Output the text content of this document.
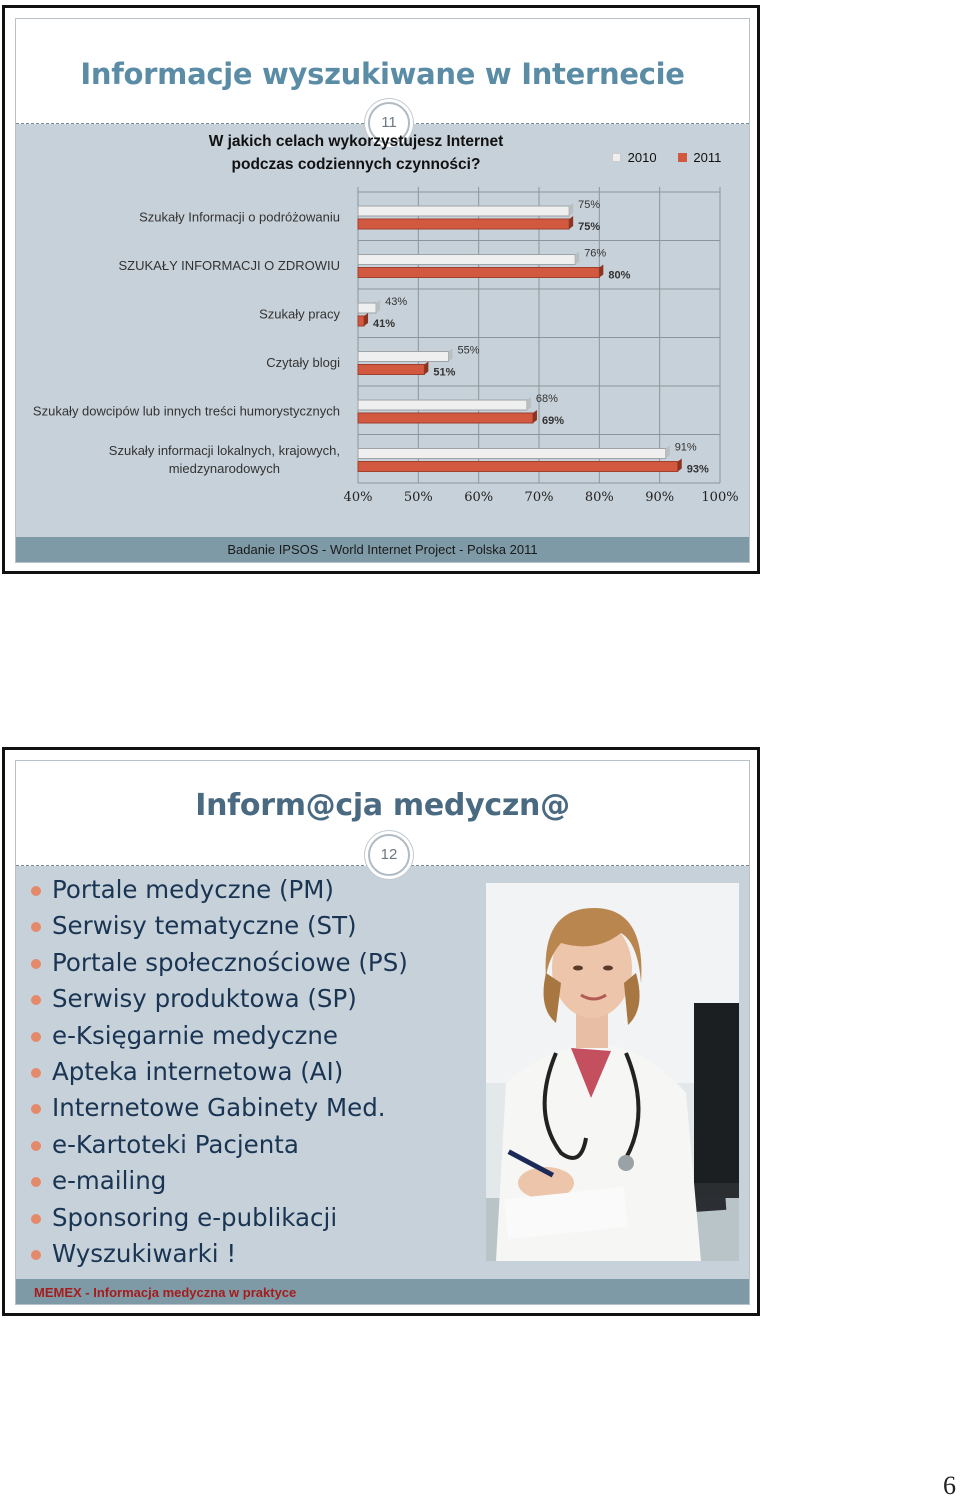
Informacje wyszukiwane w Internecie
11
Badanie IPSOS - World Internet Project - Polska 2011
40% 50% 60% 70% 80% 90% 100%
Szukały Informacji o podróżowaniu
SZUKAŁY INFORMACJI O ZDROWIU
Szukały pracy
Czytały blogi
Szukały dowcipów lub innych treści humorystycznych
Szukały informacji lokalnych, krajowych, miedzynarodowych
75%
75%
76%
80%
43%
41%
55%
51%
68%
69%
91%
93%
W jakich celach wykorzystujesz Internet podczas codziennych czynności?	2010	2011
Inform@cja medyczn@
12
Portale medyczne (PM)
Serwisy tematyczne (ST)
Portale społecznościowe (PS)
Serwisy produktowa (SP)
e-Księgarnie medyczne
Apteka internetowa (AI)
Internetowe Gabinety Med.
e-Kartoteki Pacjenta
e-mailing
Sponsoring e-publikacji
Wyszukiwarki !
MEMEX - Informacja medyczna w praktyce
6
